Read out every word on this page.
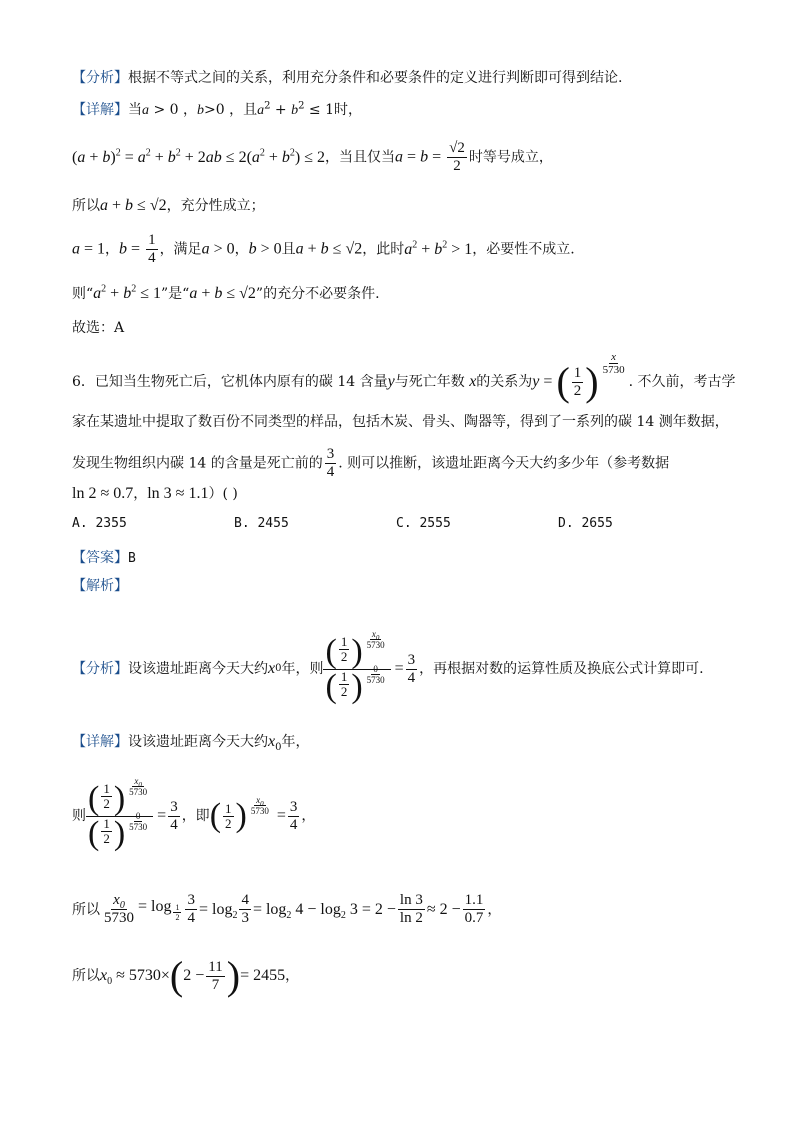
【分析】根据不等式之间的关系，利用充分条件和必要条件的定义进行判断即可得到结论.
【详解】当a > 0 ，b>0 ，且$a^2 + b^2 \le 1$时，
$(a + b)^2 = a^2 + b^2 + 2ab \le 2(a^2 + b^2) \le 2$，当且仅当$a = b = \frac{√2}{2}$ 时等号成立，
所以a + b ≤ √2，充分性成立；
a = 1，$b = \frac{1}{4}$ ，满足a > 0，b > 0且a + b ≤ √2，此时$a^2 + b^2 > 1$，必要性不成立.
则“$a^2 + b^2 \le 1$”是“a + b ≤ √2”的充分不必要条件.
故选：A
6．已知当生物死亡后，它机体内原有的碳 14 含量y与死亡年数 x的关系为y = ( $\frac{1}{2}$ ) $^{\frac{x}{5730}}$
. 不久前，考古学
家在某遗址中提取了数百份不同类型的样品，包括木炭、骨头、陶器等，得到了一系列的碳 14 测年数据，
发现生物组织内碳 14 的含量是死亡前的 $\frac{3}{4}$ . 则可以推断，该遗址距离今天大约多少年（参考数据
ln 2 ≈ 0.7，ln 3 ≈ 1.1）( )
A. 2355	B. 2455	C. 2555	D. 2655
【答案】B
【解析】
【分析】 设该遗址距离今天大约 x 0 年，则 $\frac{( \frac{1}{2} ) \frac{x_0}{5730}}{( \frac{1}{2} ) \frac{0}{5730}} = \frac{3}{4}$ ，再根据对数的运算性质及换底公式计算即可.
【详解】设该遗址距离今天大约$x_0$年，
则 $\frac{( \frac{1}{2} ) \frac{x_0}{5730}}{( \frac{1}{2} ) \frac{0}{5730}} = \frac{3}{4}$ ，即 ( $\frac{1}{2}$ ) $\frac{x_0}{5730} = \frac{3}{4}$ ，
所以 $\frac{x_0}{5730} = \log _{\frac{1}{2}} \frac{3}{4} = \log_2 \frac{4}{3} = \log_2 4 - \log_2 3 = 2 - \frac{\ln 3}{\ln 2} \approx 2 - \frac{1.1}{0.7}$ ，
所以 $x_0 \approx 5730\times$ ( $2 - \frac{11}{7}$ ) = 2455 ，
